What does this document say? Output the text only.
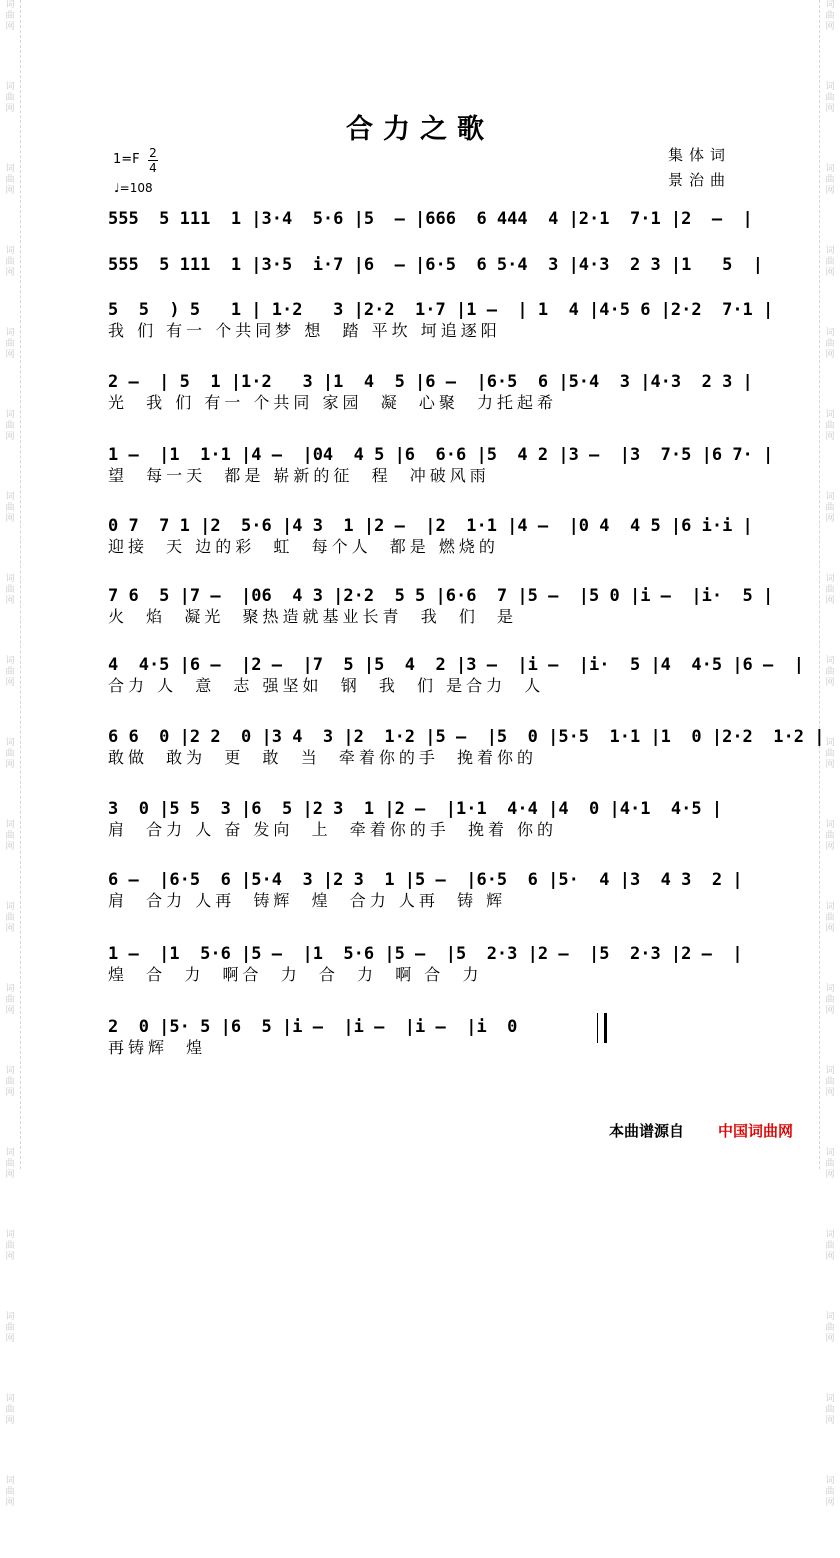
词
曲
网
词
曲
网
词
曲
网
词
曲
网
词
曲
网
词
曲
网
词
曲
网
词
曲
网
词
曲
网
词
曲
网
词
曲
网
词
曲
网
词
曲
网
词
曲
网
词
曲
网
词
曲
网
词
曲
网
词
曲
网
词
曲
网
词
曲
网
词
曲
网
词
曲
网
词
曲
网
词
曲
网
词
曲
网
词
曲
网
词
曲
网
词
曲
网
词
曲
网
词
曲
网
词
曲
网
词
曲
网
词
曲
网
词
曲
网
词
曲
网
词
曲
网
词
曲
网
词
曲
网
合力之歌
1=F 2
4
♩=108
集体词
景治曲
555  5 111  1 |3·4  5·6 |5  – |666  6 444  4 |2·1  7·1 |2  –  |
555  5 111  1 |3·5  i·7 |6  – |6·5  6 5·4  3 |4·3  2 3 |1   5  |
5  5  ) 5   1 | 1·2   3 |2·2  1·7 |1 –  | 1  4 |4·5 6 |2·2  7·1 |
我 们 有一 个共同梦 想  踏 平坎 坷追逐阳
2 –  | 5  1 |1·2   3 |1  4  5 |6 –  |6·5  6 |5·4  3 |4·3  2 3 |
光  我 们 有一 个共同 家园  凝  心聚  力托起希
1 –  |1  1·1 |4 –  |04  4 5 |6  6·6 |5  4 2 |3 –  |3  7·5 |6 7· |
望  每一天  都是 崭新的征  程  冲破风雨
0 7  7 1 |2  5·6 |4 3  1 |2 –  |2  1·1 |4 –  |0 4  4 5 |6 i·i |
迎接  天 边的彩  虹  每个人  都是 燃烧的
7 6  5 |7 –  |06  4 3 |2·2  5 5 |6·6  7 |5 –  |5 0 |i –  |i·  5 |
火  焰  凝光  聚热造就基业长青  我  们  是
4  4·5 |6 –  |2 –  |7  5 |5  4  2 |3 –  |i –  |i·  5 |4  4·5 |6 –  |
合力 人  意  志 强坚如  钢  我  们 是合力  人
6 6  0 |2 2  0 |3 4  3 |2  1·2 |5 –  |5  0 |5·5  1·1 |1  0 |2·2  1·2 |
敢做  敢为  更  敢  当  牵着你的手  挽着你的
3  0 |5 5  3 |6  5 |2 3  1 |2 –  |1·1  4·4 |4  0 |4·1  4·5 |
肩  合力 人 奋 发向  上  牵着你的手  挽着 你的
6 –  |6·5  6 |5·4  3 |2 3  1 |5 –  |6·5  6 |5·  4 |3  4 3  2 |
肩  合力 人再  铸辉  煌  合力 人再  铸 辉
1 –  |1  5·6 |5 –  |1  5·6 |5 –  |5  2·3 |2 –  |5  2·3 |2 –  |
煌  合  力  啊合  力  合  力  啊 合  力
2  0 |5· 5 |6  5 |i –  |i –  |i –  |i  0
再铸辉  煌
本曲谱源自 中国词曲网
